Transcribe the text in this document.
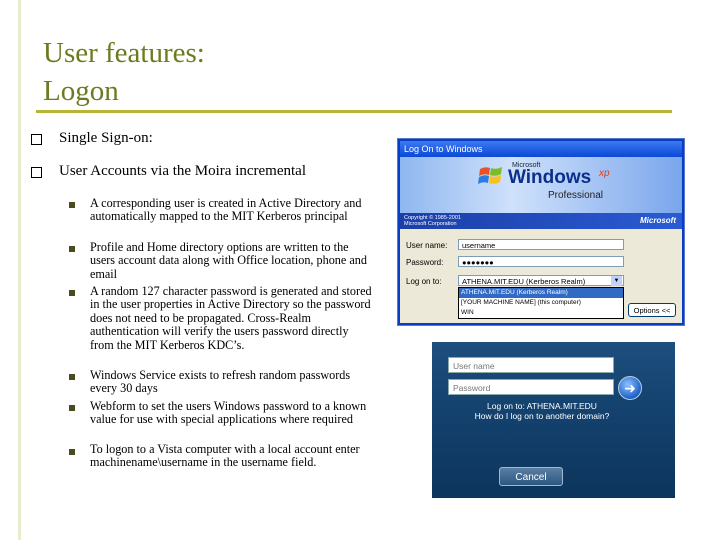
User features:
Logon
Single Sign-on:
User Accounts via the Moira incremental
A corresponding user is created in Active Directory and automatically mapped to the MIT Kerberos principal
Profile and Home directory options are written to the users account data along with Office location, phone and email
A random 127 character password is generated and stored in the user properties in Active Directory so the password does not need to be propagated. Cross-Realm authentication will verify the users password directly from the MIT Kerberos KDC’s.
Windows Service exists to refresh random passwords every 30 days
Webform to set the users Windows password to a known value for use with special applications where required
To logon to a Vista computer with a local account enter machinename\username in the username field.
Log On to Windows
Microsoft
Windows xp
Professional
Copyright © 1985-2001
Microsoft Corporation	Microsoft
User name:	username
Password:	●●●●●●●
Log on to:	ATHENA.MIT.EDU (Kerberos Realm)	▼
ATHENA.MIT.EDU (Kerberos Realm)
[YOUR MACHINE NAME] (this computer)
WIN	Options <<
User name
Password	➜
Log on to: ATHENA.MIT.EDU
How do I log on to another domain?
Cancel
